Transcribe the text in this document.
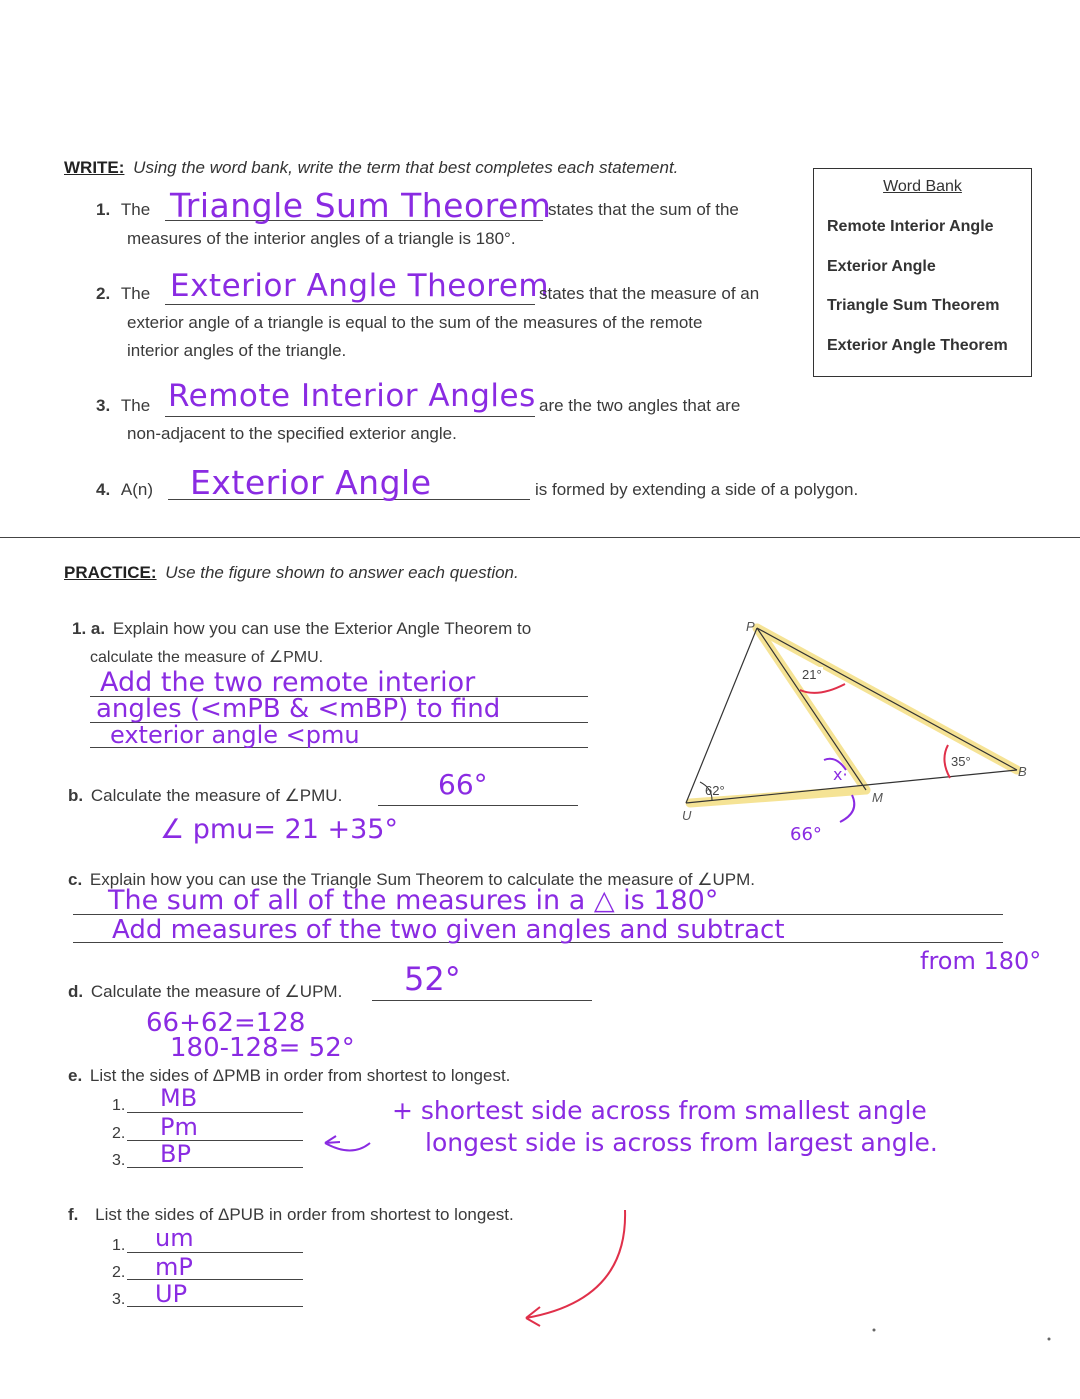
WRITE: Using the word bank, write the term that best completes each statement.
1. The Triangle Sum Theorem
states that the sum of the
measures of the interior angles of a triangle is 180°.
2. The Exterior Angle Theorem
states that the measure of an
exterior angle of a triangle is equal to the sum of the measures of the remote
interior angles of the triangle.
3. The Remote Interior Angles are the two angles that are
non-adjacent to the specified exterior angle.
4. A(n) Exterior Angle	is formed by extending a side of a polygon.
Word Bank
Remote Interior Angle
Exterior Angle
Triangle Sum Theorem
Exterior Angle Theorem
PRACTICE: Use the figure shown to answer each question.
1. a. Explain how you can use the Exterior Angle Theorem to
calculate the measure of ∠PMU.
Add the two remote interior
angles (<mPB & <mBP) to find
exterior angle <pmu
b. Calculate the measure of ∠PMU.	66°
∠ pmu= 21 +35°
c. Explain how you can use the Triangle Sum Theorem to calculate the measure of ∠UPM.
The sum of all of the measures in a △ is 180°
Add measures of the two given angles and subtract
from 180°
d. Calculate the measure of ∠UPM. 52°
66+62=128
180-128= 52°
e. List the sides of ΔPMB in order from shortest to longest.
1.
2.
3.
MB
Pm
BP
+ shortest side across from smallest angle
longest side is across from largest angle.
f. List the sides of ΔPUB in order from shortest to longest.
1.
2.
3.
um
mP
UP
P
U
M
B
21°
35°
62°
x·
66°
